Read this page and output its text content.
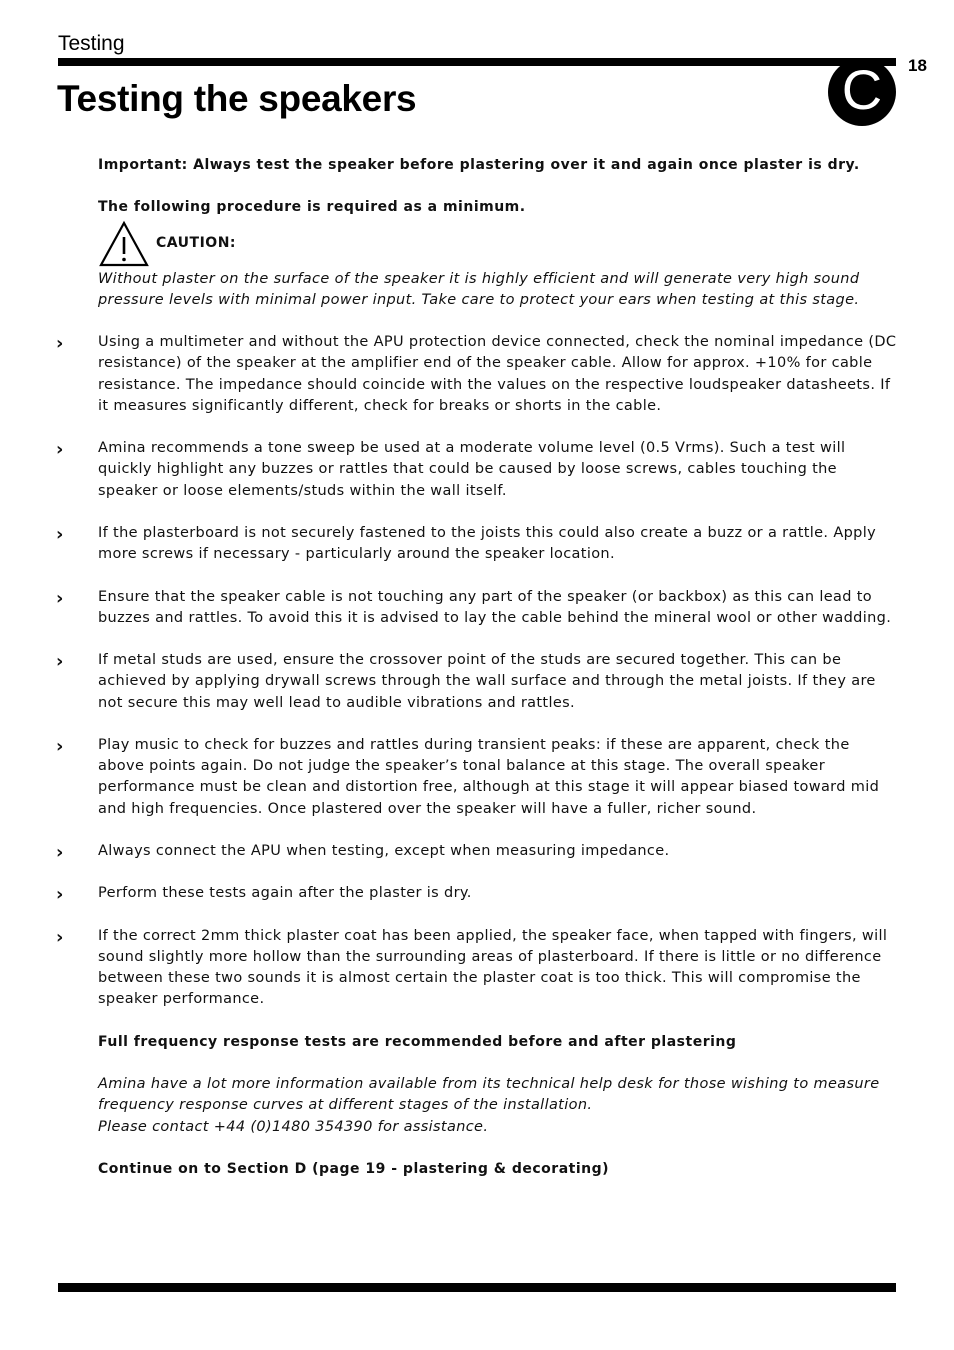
Testing
C	18
Testing the speakers

Important: Always test the speaker before plastering over it and again once plaster is dry.

The following procedure is required as a minimum.

CAUTION:

Without plaster on the surface of the speaker it is highly efficient and will generate very high sound pressure levels with minimal power input. Take care to protect your ears when testing at this stage.

› Using a multimeter and without the APU protection device connected, check the nominal impedance (DC resistance) of the speaker at the amplifier end of the speaker cable. Allow for approx. +10% for cable resistance. The impedance should coincide with the values on the respective loudspeaker datasheets. If it measures significantly different, check for breaks or shorts in the cable.
› Amina recommends a tone sweep be used at a moderate volume level (0.5 Vrms). Such a test will quickly highlight any buzzes or rattles that could be caused by loose screws, cables touching the speaker or loose elements/studs within the wall itself.
› If the plasterboard is not securely fastened to the joists this could also create a buzz or a rattle. Apply more screws if necessary - particularly around the speaker location.
› Ensure that the speaker cable is not touching any part of the speaker (or backbox) as this can lead to buzzes and rattles. To avoid this it is advised to lay the cable behind the mineral wool or other wadding.
› If metal studs are used, ensure the crossover point of the studs are secured together. This can be achieved by applying drywall screws through the wall surface and through the metal joists. If they are not secure this may well lead to audible vibrations and rattles.
› Play music to check for buzzes and rattles during transient peaks: if these are apparent, check the above points again. Do not judge the speaker’s tonal balance at this stage. The overall speaker performance must be clean and distortion free, although at this stage it will appear biased toward mid and high frequencies. Once plastered over the speaker will have a fuller, richer sound.
› Always connect the APU when testing, except when measuring impedance.
› Perform these tests again after the plaster is dry.
› If the correct 2mm thick plaster coat has been applied, the speaker face, when tapped with fingers, will sound slightly more hollow than the surrounding areas of plasterboard. If there is little or no difference between these two sounds it is almost certain the plaster coat is too thick. This will compromise the speaker performance.

Full frequency response tests are recommended before and after plastering

Amina have a lot more information available from its technical help desk for those wishing to measure frequency response curves at different stages of the installation.

Please contact +44 (0)1480 354390 for assistance.

Continue on to Section D (page 19 - plastering & decorating)
